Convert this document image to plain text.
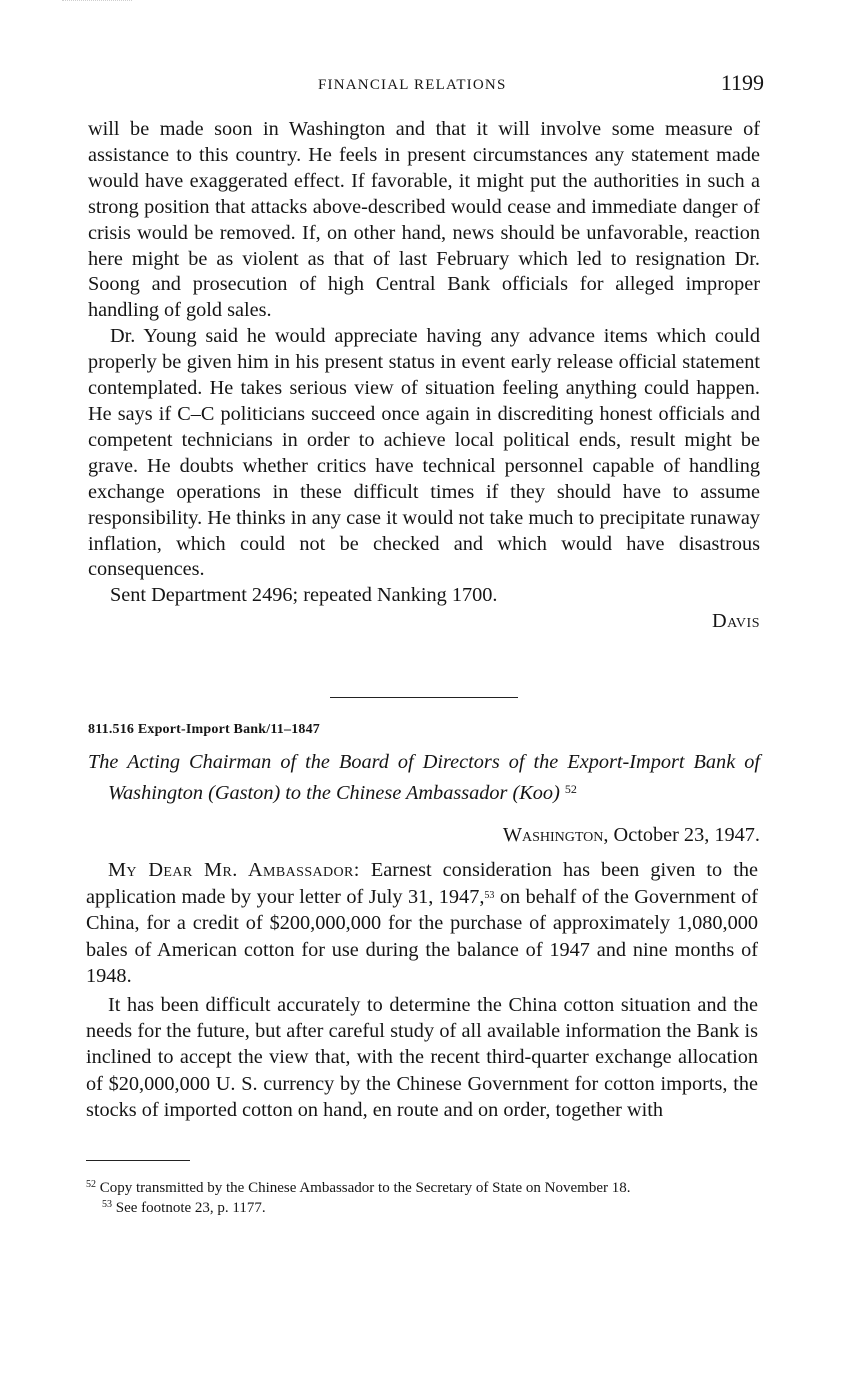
FINANCIAL RELATIONS	1199

will be made soon in Washington and that it will involve some measure of assistance to this country. He feels in present circumstances any statement made would have exaggerated effect. If favorable, it might put the authorities in such a strong position that attacks above-described would cease and immediate danger of crisis would be removed. If, on other hand, news should be unfavorable, reaction here might be as violent as that of last February which led to resignation Dr. Soong and prosecution of high Central Bank officials for alleged improper handling of gold sales.

Dr. Young said he would appreciate having any advance items which could properly be given him in his present status in event early release official statement contemplated. He takes serious view of situation feeling anything could happen. He says if C–C politicians succeed once again in discrediting honest officials and competent technicians in order to achieve local political ends, result might be grave. He doubts whether critics have technical personnel capable of handling exchange operations in these difficult times if they should have to assume responsibility. He thinks in any case it would not take much to precipitate runaway inflation, which could not be checked and which would have disastrous consequences.

Sent Department 2496; repeated Nanking 1700.

Davis

811.516 Export-Import Bank/11–1847
The Acting Chairman of the Board of Directors of the Export-Import Bank of Washington (Gaston) to the Chinese Ambassador (Koo) $^{52}$
Washington, October 23, 1947.

My Dear Mr. Ambassador: Earnest consideration has been given to the application made by your letter of July 31, 1947,53 on behalf of the Government of China, for a credit of $200,000,000 for the purchase of approximately 1,080,000 bales of American cotton for use during the balance of 1947 and nine months of 1948.

It has been difficult accurately to determine the China cotton situation and the needs for the future, but after careful study of all available information the Bank is inclined to accept the view that, with the recent third-quarter exchange allocation of $20,000,000 U. S. currency by the Chinese Government for cotton imports, the stocks of imported cotton on hand, en route and on order, together with

$^{52}$ Copy transmitted by the Chinese Ambassador to the Secretary of State on November 18.

$^{53}$ See footnote 23, p. 1177.
